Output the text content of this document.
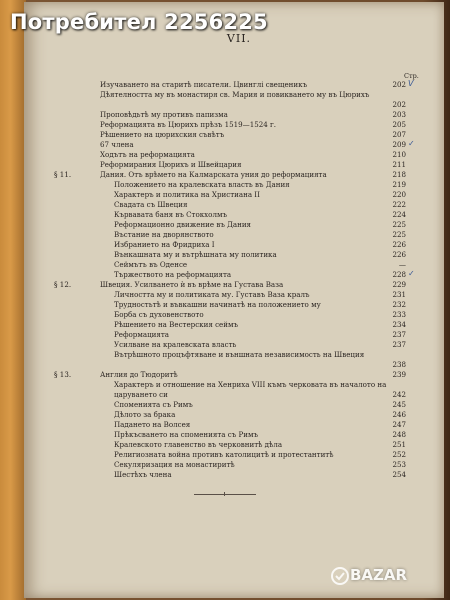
VII.
Стр.
Изучаването на старитѣ писатели. Цвинглі свещеникъ	202 V
Дѣятелността му въ монастиря св. Мария и повикването му въ Цюрихъ
202
Проповѣдьтѣ му противъ папизма	203
Реформацията въ Цюрихъ прѣзъ 1519—1524 г.	205
Рѣшението на цюрихския съвѣтъ	207
67 члена	209 ✓
Ходътъ на реформацията	210
Реформирания Цюрихъ и Швейцария	211
§ 11.	Дания. Отъ врѣмето на Калмарската уния до реформацията	218
Положението на кралевската власть въ Дания	219
Характеръ и политика на Христиана II	220
Свадата съ Швеция	222
Кървавата баня въ Стокхолмъ	224
Реформационно движение въ Дания	225
Въстание на дворянството	225
Избранието на Фридриха I	226
Вънкашната му и вътрѣшната му политика	226
Сеймътъ въ Оденсе	—
Тържеството на реформацията	228 ✓
§ 12.	Швеция. Усилването ѝ въ врѣме на Густава Ваза	229
Личността му и политиката му. Густавъ Ваза кралъ	231
Трудностьтѣ и въвкашни начинатѣ на положението му	232
Борба съ духовенството	233
Рѣшението на Вестерския сеймъ	234
Реформацията	237
Усилване на кралевската власть	237
Вътрѣшното процъфтяване и външната независимость на Швеция
238
§ 13.	Англия до Тюдоритѣ	239
Характеръ и отношение на Хенриха VIII къмъ черковата въ началото на царуването си	242
Споменията съ Римъ	245
Дѣлото за брака	246
Падането на Волсея	247
Прѣкъсването на споменията съ Римъ	248
Кралевското главенство въ черковнитѣ дѣла	251
Религиозната война противъ католицитѣ и протестантитѣ	252
Секуляризация на монастиритѣ	253
Шестѣхъ члена	254
Потребител 2256225
BAZAR
